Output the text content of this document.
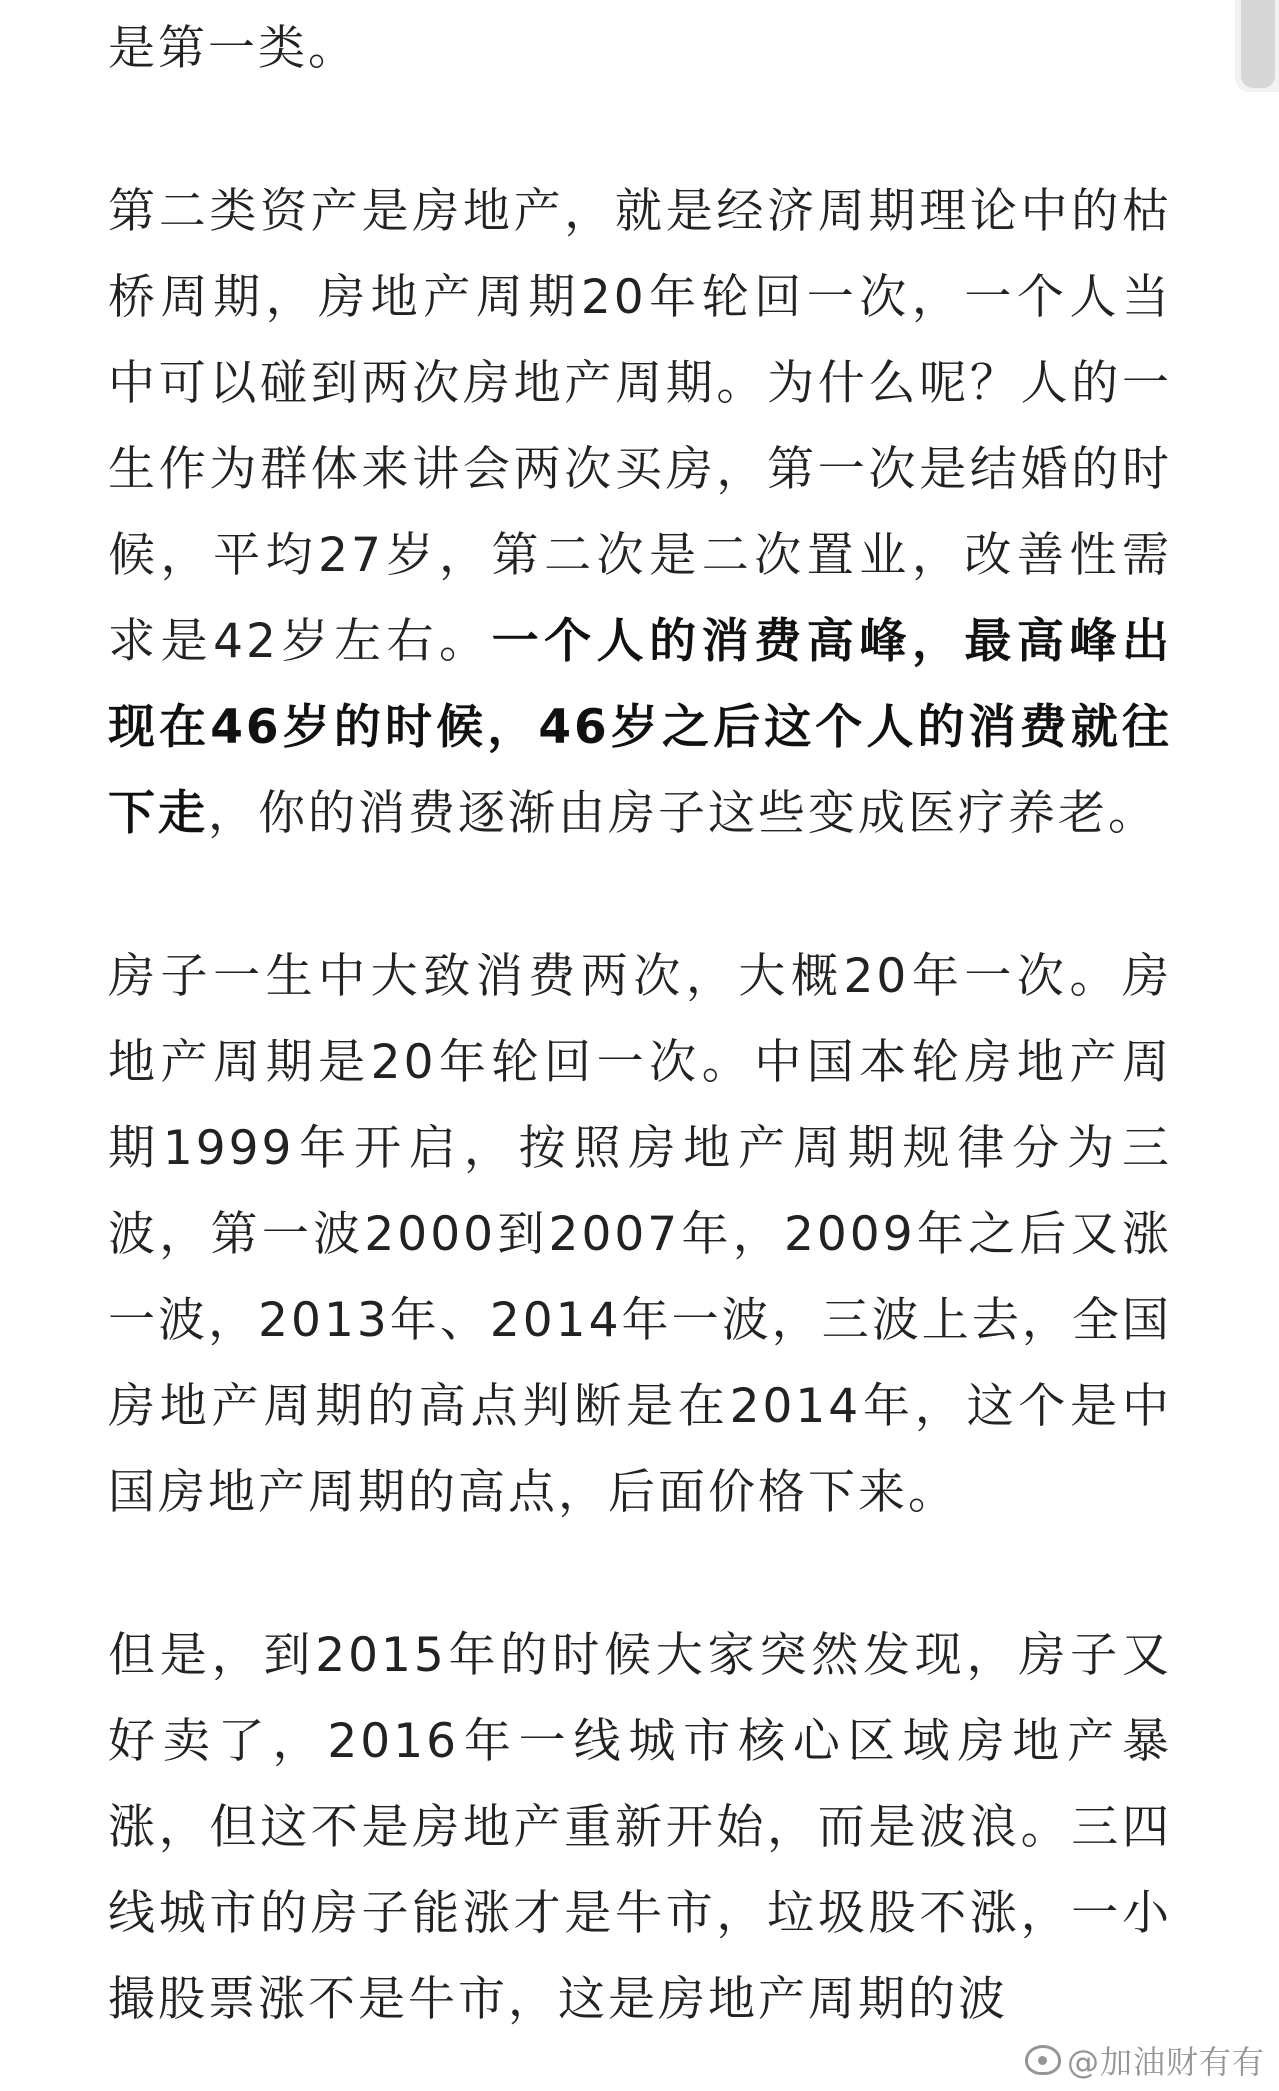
是第一类。

第二类资产是房地产，就是经济周期理论中的枯桥周期，房地产周期20年轮回一次，一个人当中可以碰到两次房地产周期。为什么呢？人的一生作为群体来讲会两次买房，第一次是结婚的时候，平均27岁，第二次是二次置业，改善性需求是42岁左右。一个人的消费高峰，最高峰出现在46岁的时候，46岁之后这个人的消费就往下走，你的消费逐渐由房子这些变成医疗养老。

房子一生中大致消费两次，大概20年一次。房地产周期是20年轮回一次。中国本轮房地产周期1999年开启，按照房地产周期规律分为三波，第一波2000到2007年，2009年之后又涨一波，2013年、2014年一波，三波上去，全国房地产周期的高点判断是在2014年，这个是中国房地产周期的高点，后面价格下来。

但是，到2015年的时候大家突然发现，房子又好卖了，2016年一线城市核心区域房地产暴涨，但这不是房地产重新开始，而是波浪。三四线城市的房子能涨才是牛市，垃圾股不涨，一小撮股票涨不是牛市，这是房地产周期的波

@加油财有有
